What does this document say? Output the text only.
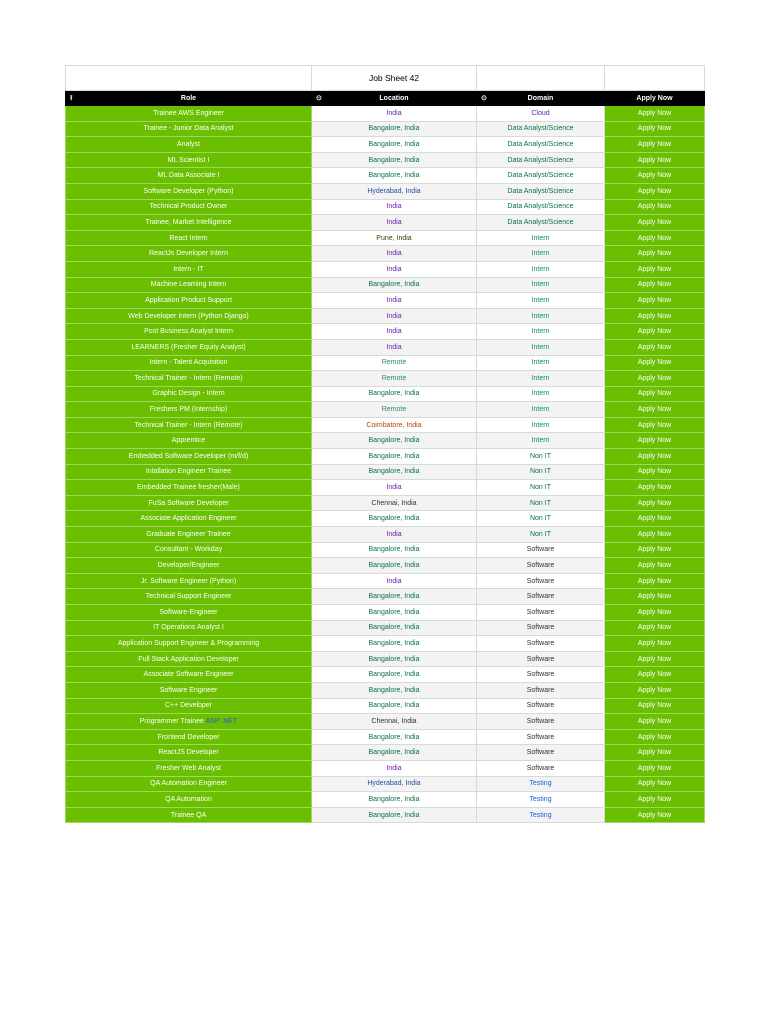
	Job Sheet 42		

⭱ Role	⊙ Location	⊙ Domain	Apply Now
Trainee AWS Engineer	India	Cloud	Apply Now
Trainee - Junior Data Analyst	Bangalore, India	Data Analyst/Science	Apply Now
Analyst	Bangalore, India	Data Analyst/Science	Apply Now
ML Scientist I	Bangalore, India	Data Analyst/Science	Apply Now
ML Data Associate I	Bangalore, India	Data Analyst/Science	Apply Now
Software Developer (Python)	Hyderabad, India	Data Analyst/Science	Apply Now
Technical Product Owner	India	Data Analyst/Science	Apply Now
Trainee, Market Intelligence	India	Data Analyst/Science	Apply Now
React Intern	Pune, India	Intern	Apply Now
ReactJs Developer Intern	India	Intern	Apply Now
Intern - IT	India	Intern	Apply Now
Machine Learning Intern	Bangalore, India	Intern	Apply Now
Application Product Support	India	Intern	Apply Now
Web Developer Intern (Python Django)	India	Intern	Apply Now
Post Business Analyst Intern	India	Intern	Apply Now
LEARNERS (Fresher Equity Analyst)	India	Intern	Apply Now
Intern - Talent Acquisition	Remote	Intern	Apply Now
Technical Trainer - Intern (Remote)	Remote	Intern	Apply Now
Graphic Design - Intern	Bangalore, India	Intern	Apply Now
Freshers PM (Internship)	Remote	Intern	Apply Now
Technical Trainer - Intern (Remote)	Coimbatore, India	Intern	Apply Now
Apprentice	Bangalore, India	Intern	Apply Now
Embedded Software Developer (m/f/d)	Bangalore, India	Non IT	Apply Now
Intallation Engineer Trainee	Bangalore, India	Non IT	Apply Now
Embedded Trainee fresher(Male)	India	Non IT	Apply Now
FuSa Software Developer	Chennai, India	Non IT	Apply Now
Associate Application Engineer	Bangalore, India	Non IT	Apply Now
Graduate Engineer Trainee	India	Non IT	Apply Now
Consultant - Workday	Bangalore, India	Software	Apply Now
Developer/Engineer	Bangalore, India	Software	Apply Now
Jr. Software Engineer (Python)	India	Software	Apply Now
Technical Support Engineer	Bangalore, India	Software	Apply Now
Software-Engineer	Bangalore, India	Software	Apply Now
IT Operations Analyst I	Bangalore, India	Software	Apply Now
Application Support Engineer & Programming	Bangalore, India	Software	Apply Now
Full Stack Application Developer	Bangalore, India	Software	Apply Now
Associate Software Engineer	Bangalore, India	Software	Apply Now
Software Engineer	Bangalore, India	Software	Apply Now
C++ Developer	Bangalore, India	Software	Apply Now
Programmer Trainee ASP .NET	Chennai, India	Software	Apply Now
Frontend Developer	Bangalore, India	Software	Apply Now
ReactJS Developer	Bangalore, India	Software	Apply Now
Fresher Web Analyst	India	Software	Apply Now
QA Automation Engineer	Hyderabad, India	Testing	Apply Now
QA Automation	Bangalore, India	Testing	Apply Now
Trainee QA	Bangalore, India	Testing	Apply Now
